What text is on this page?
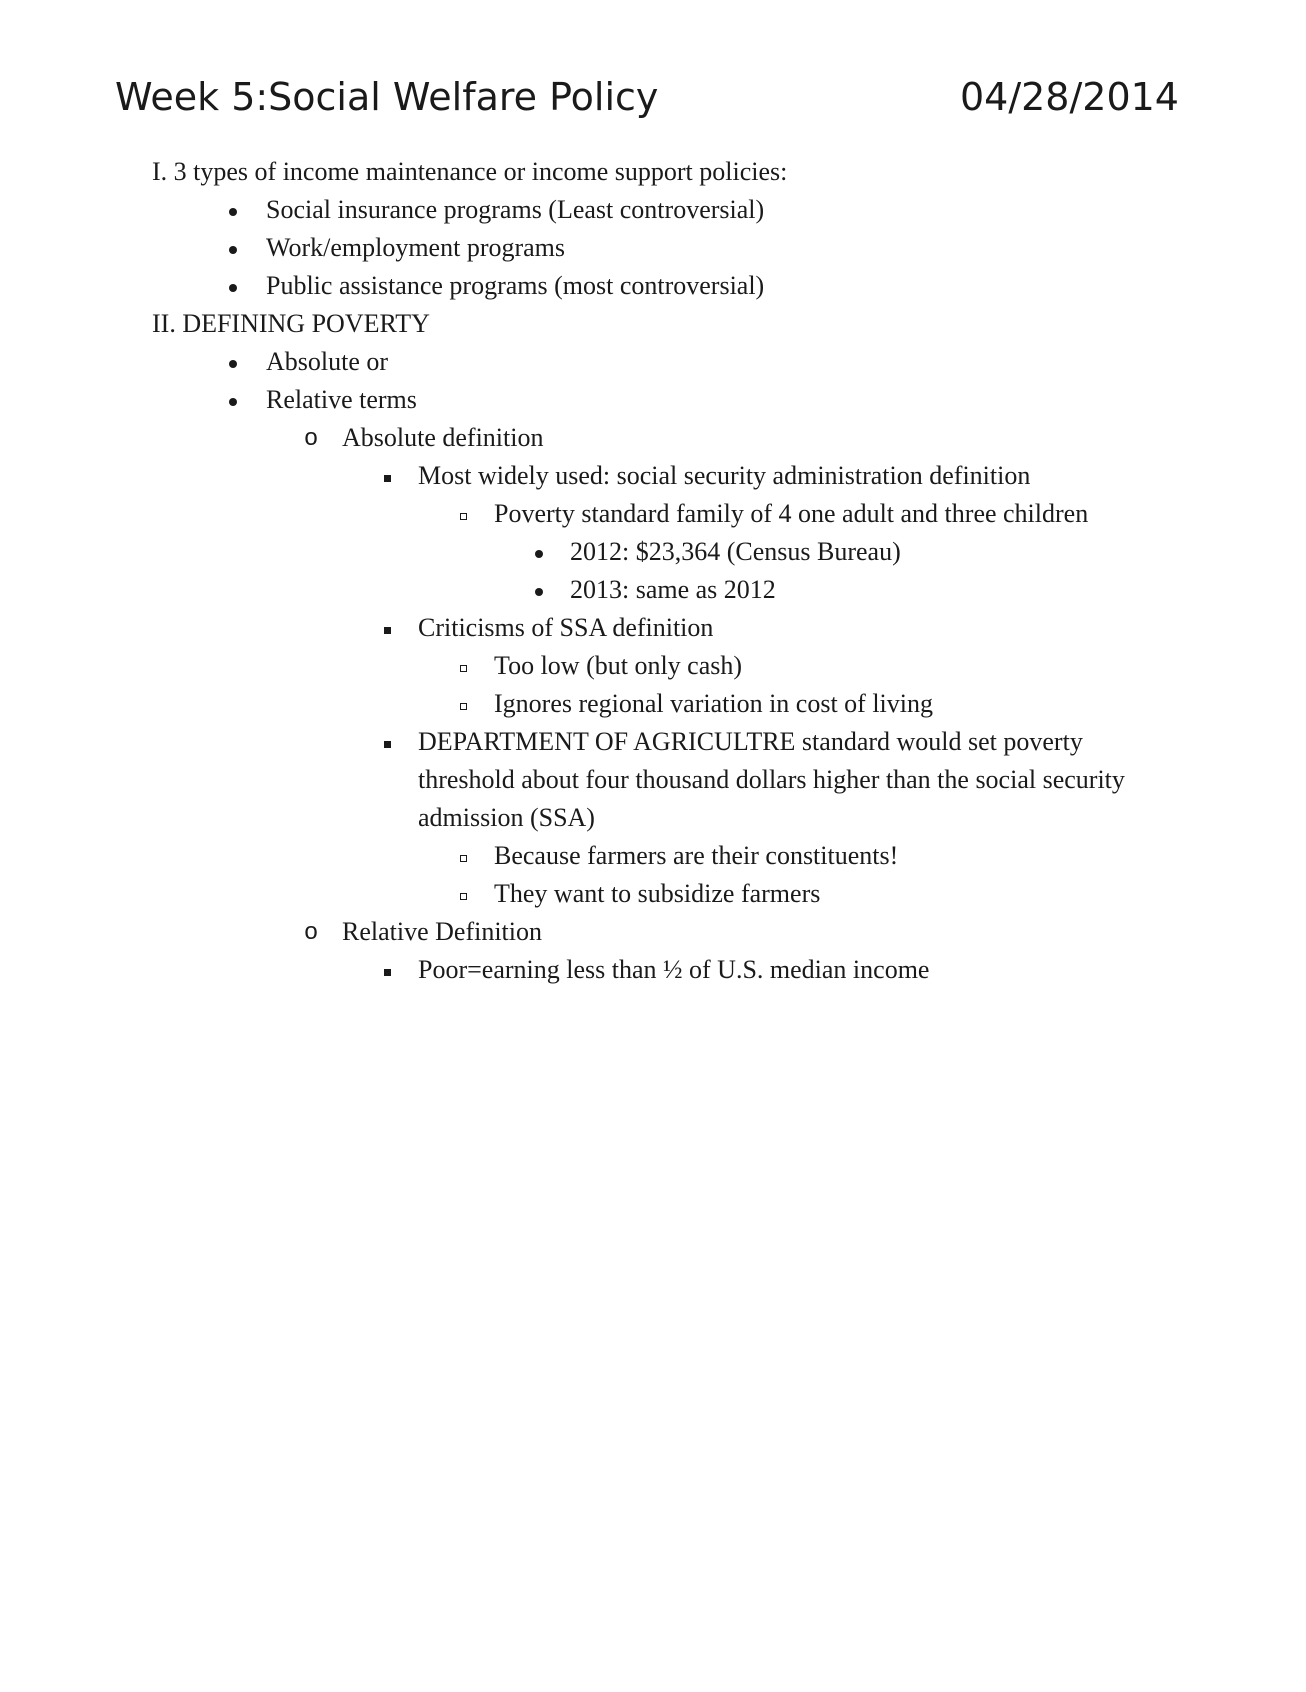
Week 5:Social Welfare Policy	04/28/2014
I. 3 types of income maintenance or income support policies:
Social insurance programs (Least controversial)
Work/employment programs
Public assistance programs (most controversial)
II. DEFINING POVERTY
Absolute or
Relative terms
o Absolute definition
Most widely used: social security administration definition
Poverty standard family of 4 one adult and three children
2012: $23,364 (Census Bureau)
2013: same as 2012
Criticisms of SSA definition
Too low (but only cash)
Ignores regional variation in cost of living
DEPARTMENT OF AGRICULTRE standard would set poverty threshold about four thousand dollars higher than the social security admission (SSA)
Because farmers are their constituents!
They want to subsidize farmers
o Relative Definition
Poor=earning less than ½ of U.S. median income
